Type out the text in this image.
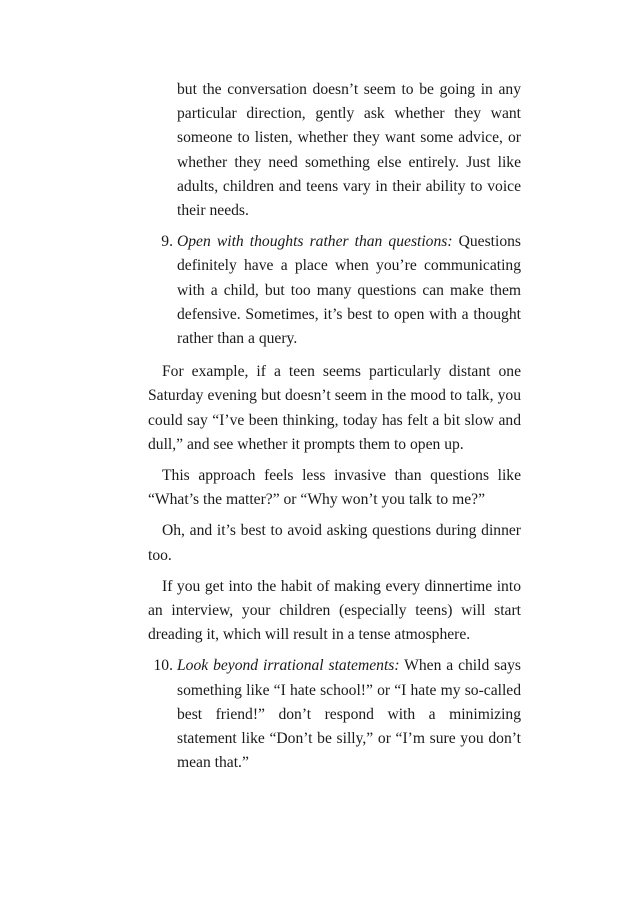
but the conversation doesn’t seem to be going in any particular direction, gently ask whether they want someone to listen, whether they want some advice, or whether they need something else entirely. Just like adults, children and teens vary in their ability to voice their needs.

9. Open with thoughts rather than questions: Questions definitely have a place when you’re communicating with a child, but too many questions can make them defensive. Sometimes, it’s best to open with a thought rather than a query.

For example, if a teen seems particularly distant one Saturday evening but doesn’t seem in the mood to talk, you could say “I’ve been thinking, today has felt a bit slow and dull,” and see whether it prompts them to open up.

This approach feels less invasive than questions like “What’s the matter?” or “Why won’t you talk to me?”

Oh, and it’s best to avoid asking questions during dinner too.

If you get into the habit of making every dinnertime into an interview, your children (especially teens) will start dreading it, which will result in a tense atmosphere.

10. Look beyond irrational statements: When a child says something like “I hate school!” or “I hate my so-called best friend!” don’t respond with a minimizing statement like “Don’t be silly,” or “I’m sure you don’t mean that.”
